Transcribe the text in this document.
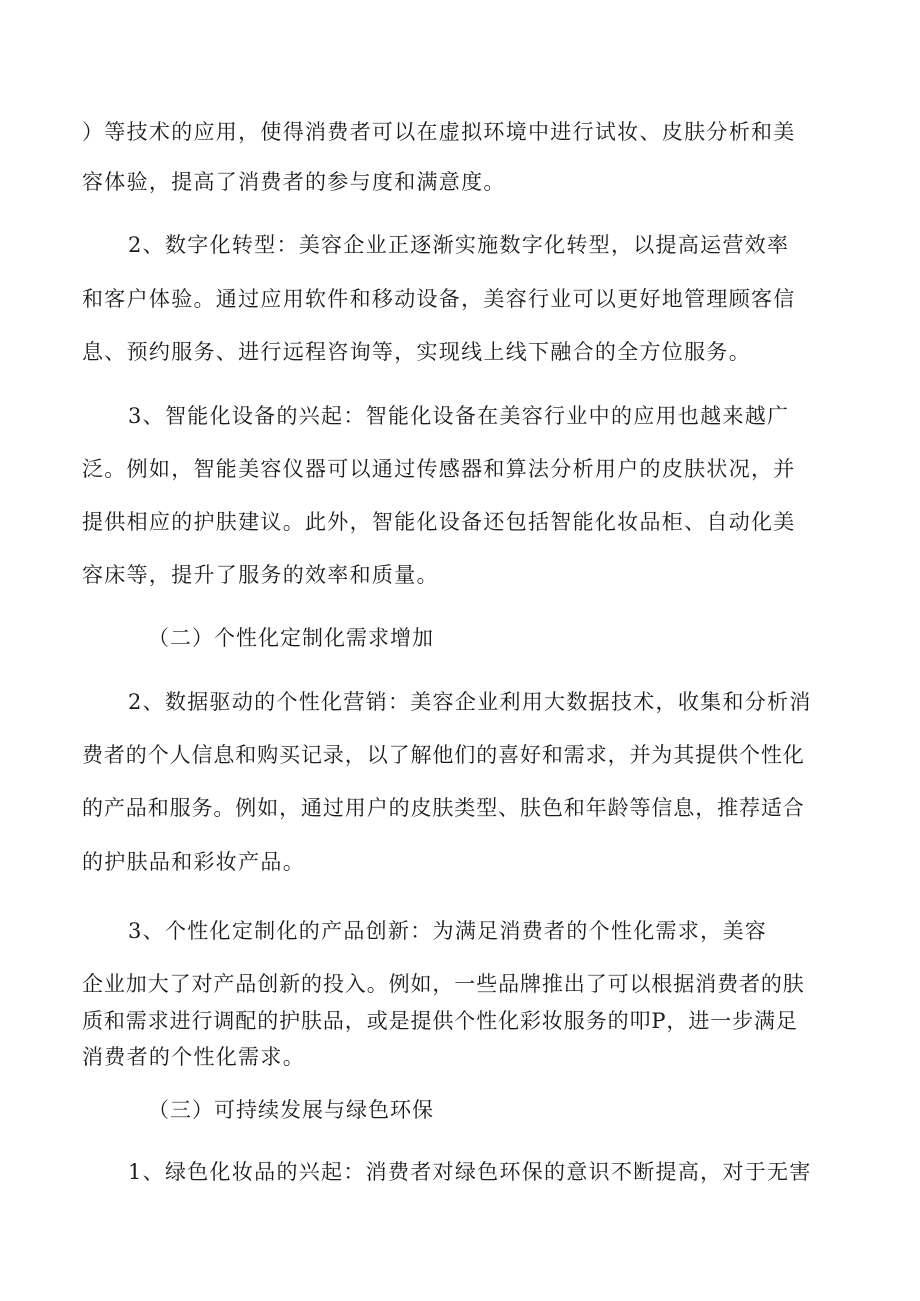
）等技术的应用，使得消费者可以在虚拟环境中进行试妆、皮肤分析和美
容体验，提高了消费者的参与度和满意度。
2、数字化转型：美容企业正逐渐实施数字化转型，以提高运营效率
和客户体验。通过应用软件和移动设备，美容行业可以更好地管理顾客信
息、预约服务、进行远程咨询等，实现线上线下融合的全方位服务。
3、智能化设备的兴起：智能化设备在美容行业中的应用也越来越广
泛。例如，智能美容仪器可以通过传感器和算法分析用户的皮肤状况，并
提供相应的护肤建议。此外，智能化设备还包括智能化妆品柜、自动化美
容床等，提升了服务的效率和质量。
（二）个性化定制化需求增加
2、数据驱动的个性化营销：美容企业利用大数据技术，收集和分析消
费者的个人信息和购买记录，以了解他们的喜好和需求，并为其提供个性化
的产品和服务。例如，通过用户的皮肤类型、肤色和年龄等信息，推荐适合
的护肤品和彩妆产品。
3、个性化定制化的产品创新：为满足消费者的个性化需求，美容
企业加大了对产品创新的投入。例如，一些品牌推出了可以根据消费者的肤
质和需求进行调配的护肤品，或是提供个性化彩妆服务的叩P，进一步满足
消费者的个性化需求。
（三）可持续发展与绿色环保
1、绿色化妆品的兴起：消费者对绿色环保的意识不断提高，对于无害
